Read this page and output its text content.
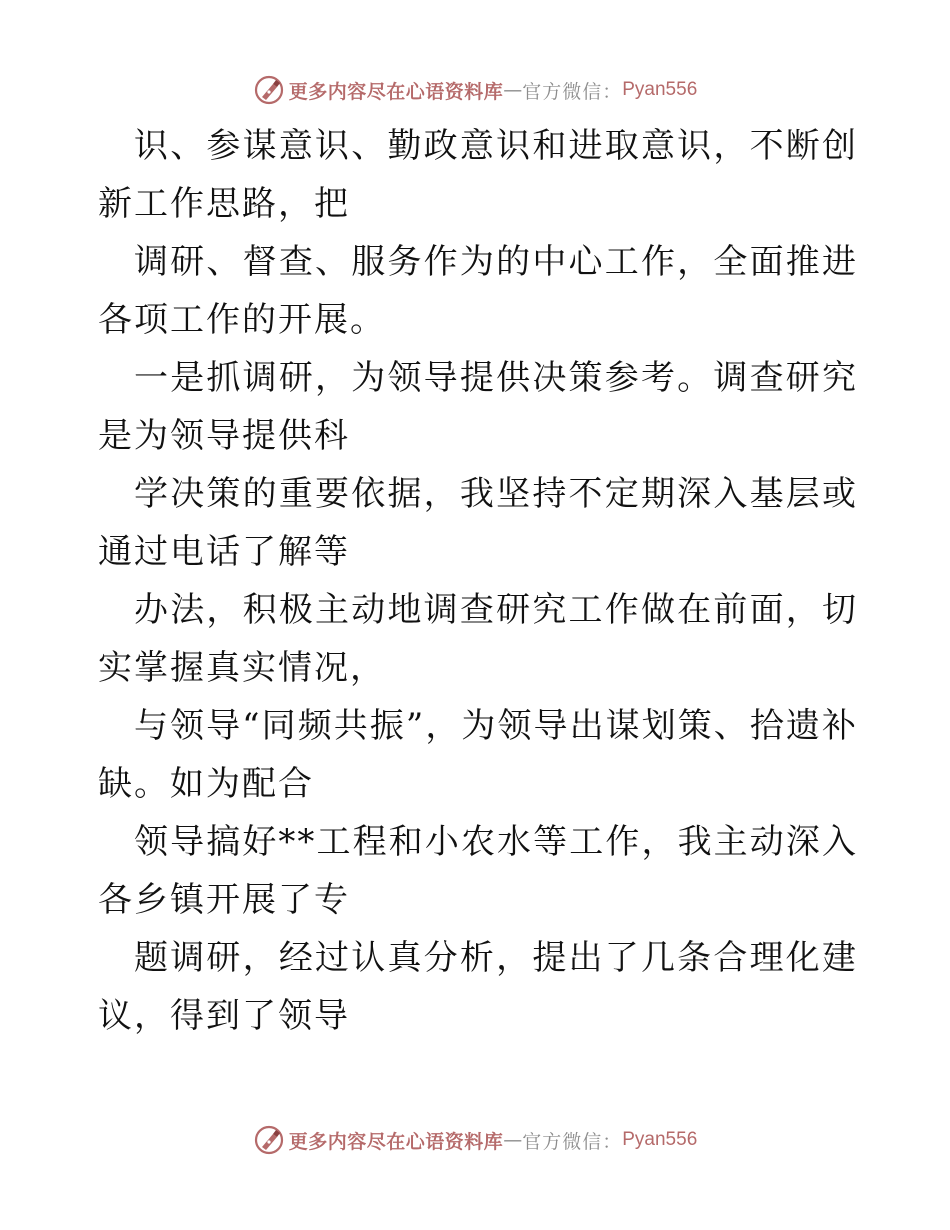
更多内容尽在心语资料库 — 官方微信： Pyan556

识、参谋意识、勤政意识和进取意识，不断创新工作思路，把

调研、督查、服务作为的中心工作，全面推进各项工作的开展。

一是抓调研，为领导提供决策参考。调查研究是为领导提供科

学决策的重要依据，我坚持不定期深入基层或通过电话了解等

办法，积极主动地调查研究工作做在前面，切实掌握真实情况，

与领导“同频共振”，为领导出谋划策、拾遗补缺。如为配合

领导搞好**工程和小农水等工作，我主动深入各乡镇开展了专

题调研，经过认真分析，提出了几条合理化建议，得到了领导

更多内容尽在心语资料库 — 官方微信： Pyan556
